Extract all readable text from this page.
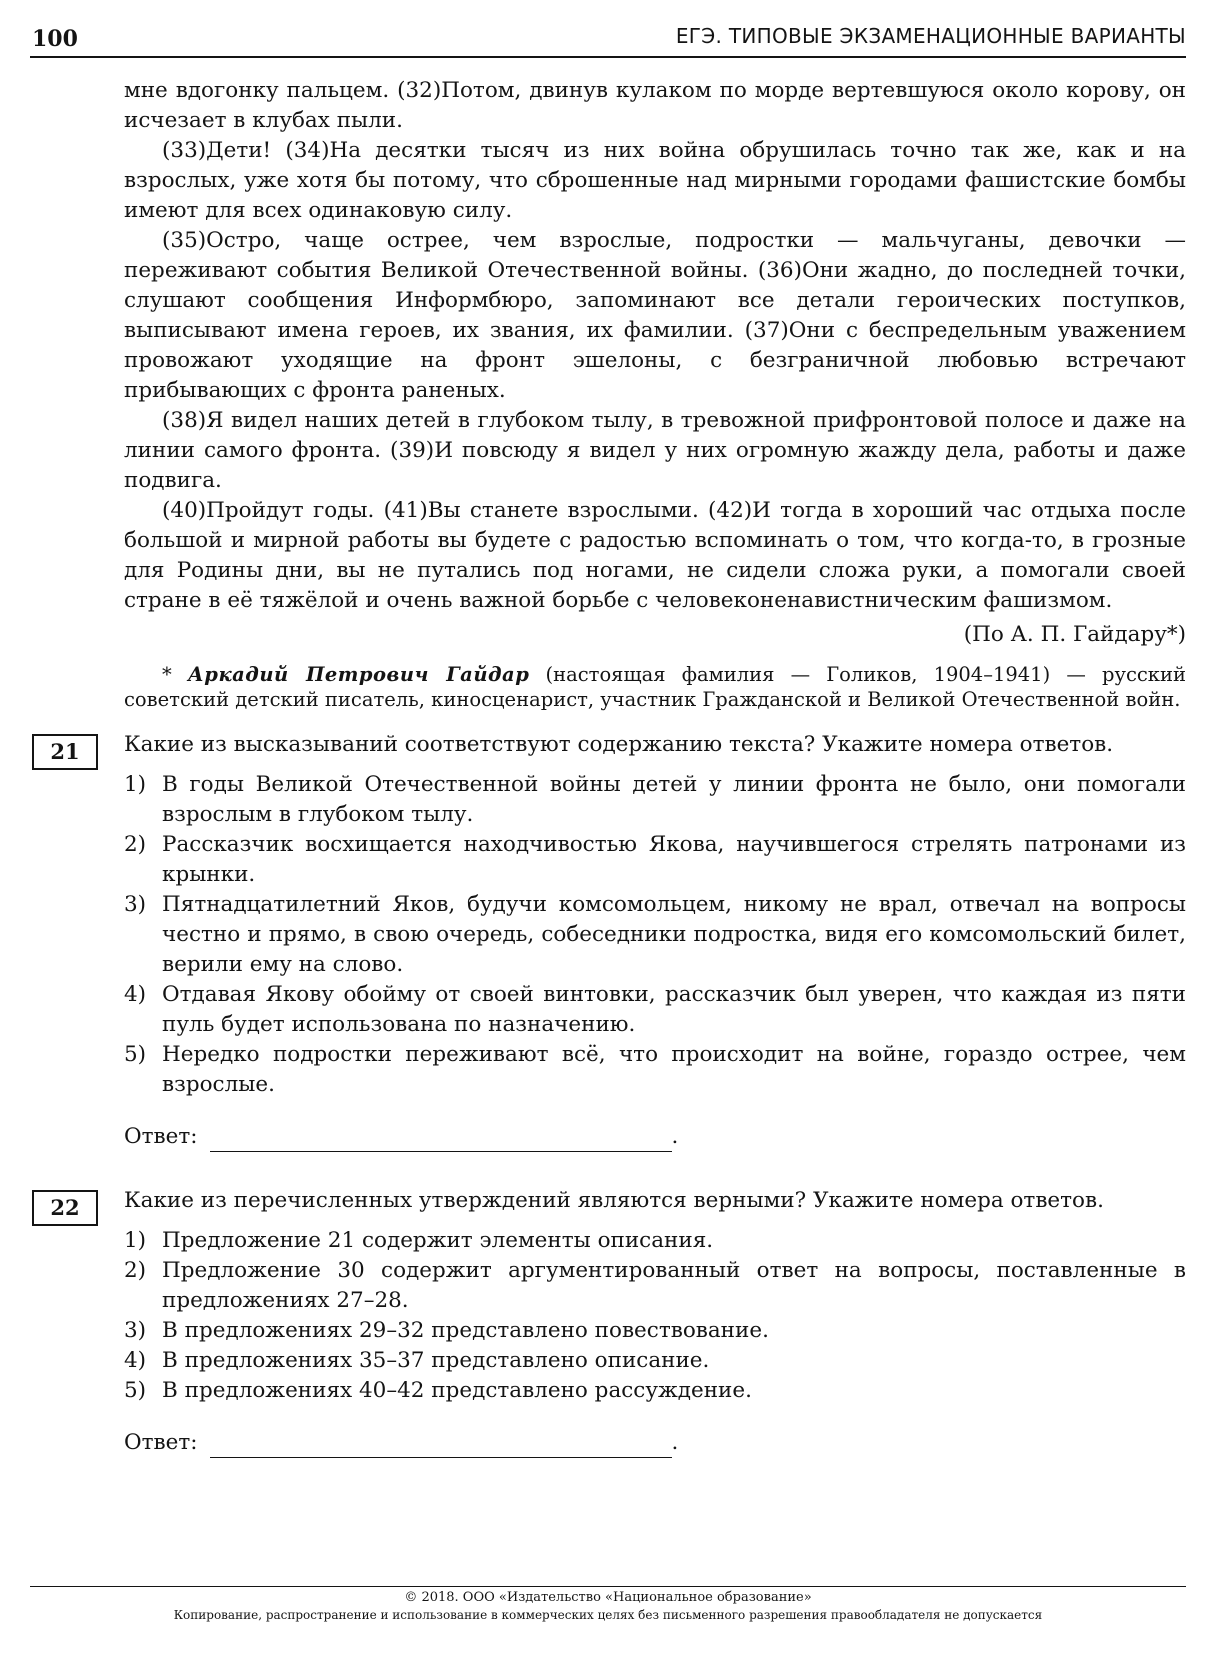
100	ЕГЭ. ТИПОВЫЕ ЭКЗАМЕНАЦИОННЫЕ ВАРИАНТЫ

мне вдогонку пальцем. (32)Потом, двинув кулаком по морде вертевшуюся около корову, он исчезает в клубах пыли.

(33)Дети! (34)На десятки тысяч из них война обрушилась точно так же, как и на взрослых, уже хотя бы потому, что сброшенные над мирными городами фашистские бомбы имеют для всех одинаковую силу.

(35)Остро, чаще острее, чем взрослые, подростки — мальчуганы, девочки — переживают события Великой Отечественной войны. (36)Они жадно, до последней точки, слушают сообщения Информбюро, запоминают все детали героических поступков, выписывают имена героев, их звания, их фамилии. (37)Они с беспредельным уважением провожают уходящие на фронт эшелоны, с безграничной любовью встречают прибывающих с фронта раненых.

(38)Я видел наших детей в глубоком тылу, в тревожной прифронтовой полосе и даже на линии самого фронта. (39)И повсюду я видел у них огромную жажду дела, работы и даже подвига.

(40)Пройдут годы. (41)Вы станете взрослыми. (42)И тогда в хороший час отдыха после большой и мирной работы вы будете с радостью вспоминать о том, что когда-то, в грозные для Родины дни, вы не путались под ногами, не сидели сложа руки, а помогали своей стране в её тяжёлой и очень важной борьбе с человеконенавистническим фашизмом.

(По А. П. Гайдару*)

* Аркадий Петрович Гайдар (настоящая фамилия — Голиков, 1904–1941) — русский советский детский писатель, киносценарист, участник Гражданской и Великой Отечественной войн.

21	Какие из высказываний соответствуют содержанию текста? Укажите номера ответов.

1) В годы Великой Отечественной войны детей у линии фронта не было, они помогали взрослым в глубоком тылу.
2) Рассказчик восхищается находчивостью Якова, научившегося стрелять патронами из крынки.
3) Пятнадцатилетний Яков, будучи комсомольцем, никому не врал, отвечал на вопросы честно и прямо, в свою очередь, собеседники подростка, видя его комсомольский билет, верили ему на слово.
4) Отдавая Якову обойму от своей винтовки, рассказчик был уверен, что каждая из пяти пуль будет использована по назначению.
5) Нередко подростки переживают всё, что происходит на войне, гораздо острее, чем взрослые.
Ответ:	.
22	Какие из перечисленных утверждений являются верными? Укажите номера ответов.

1) Предложение 21 содержит элементы описания.
2) Предложение 30 содержит аргументированный ответ на вопросы, поставленные в предложениях 27–28.
3) В предложениях 29–32 представлено повествование.
4) В предложениях 35–37 представлено описание.
5) В предложениях 40–42 представлено рассуждение.
Ответ:	.
© 2018. ООО «Издательство «Национальное образование»
Копирование, распространение и использование в коммерческих целях без письменного разрешения правообладателя не допускается
